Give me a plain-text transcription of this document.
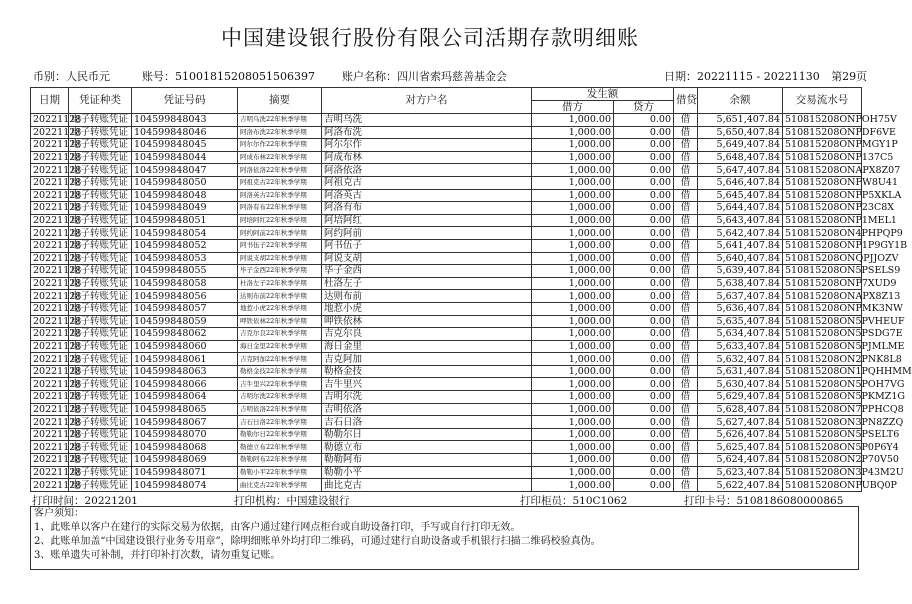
中国建设银行股份有限公司活期存款明细账
币别：人民币元	账号：51001815208051506397 账户名称：四川省索玛慈善基金会	日期：20221115 - 20221130 第29页
日期	凭证种类	凭证号码	摘要	对方户名	发生额		借贷	余额	交易流水号
					借方	贷方			
20221128	电子转账凭证	104599848043	吉明乌洗22年秋季学期	吉明乌洗	1,000.00	0.00	借	5,651,407.84	510815208ONPOH75V
20221128	电子转账凭证	104599848046	阿洛布洗22年秋季学期	阿洛布洗	1,000.00	0.00	借	5,650,407.84	510815208ONPDF6VE
20221128	电子转账凭证	104599848045	阿尔尔作22年秋季学期	阿尔尔作	1,000.00	0.00	借	5,649,407.84	510815208ONPMGY1P
20221128	电子转账凭证	104599848044	阿成布林22年秋季学期	阿成布林	1,000.00	0.00	借	5,648,407.84	510815208ONP137C5
20221128	电子转账凭证	104599848047	阿洛依洛22年秋季学期	阿洛依洛	1,000.00	0.00	借	5,647,407.84	510815208ONAPX8Z07
20221128	电子转账凭证	104599848050	阿祖克古22年秋季学期	阿祖克古	1,000.00	0.00	借	5,646,407.84	510815208ONFW8U41
20221128	电子转账凭证	104599848048	阿洛英古22年秋季学期	阿洛英古	1,000.00	0.00	借	5,645,407.84	510815208ONPP5XKLA
20221128	电子转账凭证	104599848049	阿洛有布22年秋季学期	阿洛有布	1,000.00	0.00	借	5,644,407.84	510815208ONP23C8X
20221128	电子转账凭证	104599848051	阿培阿红22年秋季学期	阿培阿红	1,000.00	0.00	借	5,643,407.84	510815208ONP1MEL1
20221128	电子转账凭证	104599848054	阿约阿前22年秋季学期	阿约阿前	1,000.00	0.00	借	5,642,407.84	510815208ON4PHPQP9
20221128	电子转账凭证	104599848052	阿书伍子22年秋季学期	阿书伍子	1,000.00	0.00	借	5,641,407.84	510815208ONP1P9GY1B
20221128	电子转账凭证	104599848053	阿说支胡22年秋季学期	阿说支胡	1,000.00	0.00	借	5,640,407.84	510815208ONQPJJOZV
20221128	电子转账凭证	104599848055	毕子金西22年秋季学期	毕子金西	1,000.00	0.00	借	5,639,407.84	510815208ON5PSELS9
20221128	电子转账凭证	104599848058	杜洛左子22年秋季学期	杜洛左子	1,000.00	0.00	借	5,638,407.84	510815208ONP7XUD9
20221128	电子转账凭证	104599848056	达则布前22年秋季学期	达则布前	1,000.00	0.00	借	5,637,407.84	510815208ONAPX8Z13
20221128	电子转账凭证	104599848057	地惹小虎22年秋季学期	地惹小虎	1,000.00	0.00	借	5,636,407.84	510815208ONPMK3NW
20221128	电子转账凭证	104599848059	呷铁依林22年秋季学期	呷铁依林	1,000.00	0.00	借	5,635,407.84	510815208ON5PVHEUF
20221128	电子转账凭证	104599848062	吉克尔良22年秋季学期	吉克尔良	1,000.00	0.00	借	5,634,407.84	510815208ON5PSDG7E
20221128	电子转账凭证	104599848060	海日金里22年秋季学期	海日金里	1,000.00	0.00	借	5,633,407.84	510815208ON5PJMLME
20221128	电子转账凭证	104599848061	吉克阿加22年秋季学期	吉克阿加	1,000.00	0.00	借	5,632,407.84	510815208ON2PNK8L8
20221128	电子转账凭证	104599848063	勒格金技22年秋季学期	勒格金技	1,000.00	0.00	借	5,631,407.84	510815208ON1PQHHMM
20221128	电子转账凭证	104599848066	吉牛里兴22年秋季学期	吉牛里兴	1,000.00	0.00	借	5,630,407.84	510815208ON5POH7VG
20221128	电子转账凭证	104599848064	吉明尔洗22年秋季学期	吉明尔洗	1,000.00	0.00	借	5,629,407.84	510815208ON5PKMZ1G
20221128	电子转账凭证	104599848065	吉明依洛22年秋季学期	吉明依洛	1,000.00	0.00	借	5,628,407.84	510815208ON7PPHCQ8
20221128	电子转账凭证	104599848067	吉石日洛22年秋季学期	吉石日洛	1,000.00	0.00	借	5,627,407.84	510815208ON3PN8ZZQ
20221128	电子转账凭证	104599848070	勒勒尔日22年秋季学期	勒勒尔日	1,000.00	0.00	借	5,626,407.84	510815208ON5PSELT6
20221128	电子转账凭证	104599848068	勒德立布22年秋季学期	勒德立布	1,000.00	0.00	借	5,625,407.84	510815208ON5P0P6Y4
20221128	电子转账凭证	104599848069	勒勒阿布22年秋季学期	勒勒阿布	1,000.00	0.00	借	5,624,407.84	510815208ON2P70V50
20221128	电子转账凭证	104599848071	勒勒小平22年秋季学期	勒勒小平	1,000.00	0.00	借	5,623,407.84	510815208ON3P43M2U
20221128	电子转账凭证	104599848074	曲比克古22年秋季学期	曲比克古	1,000.00	0.00	借	5,622,407.84	510815208ONPUBQ0P
打印时间：20221201	打印机构：中国建设银行	打印柜员：510C1062	打印卡号：5108186080000865
客户须知：
1、此账单以客户在建行的实际交易为依据，由客户通过建行网点柜台或自助设备打印，手写或自行打印无效。
2、此账单加盖“中国建设银行业务专用章”，除明细账单外均打印二维码，可通过建行自助设备或手机银行扫描二维码校验真伪。
3、账单遗失可补制，并打印补打次数，请勿重复记账。
